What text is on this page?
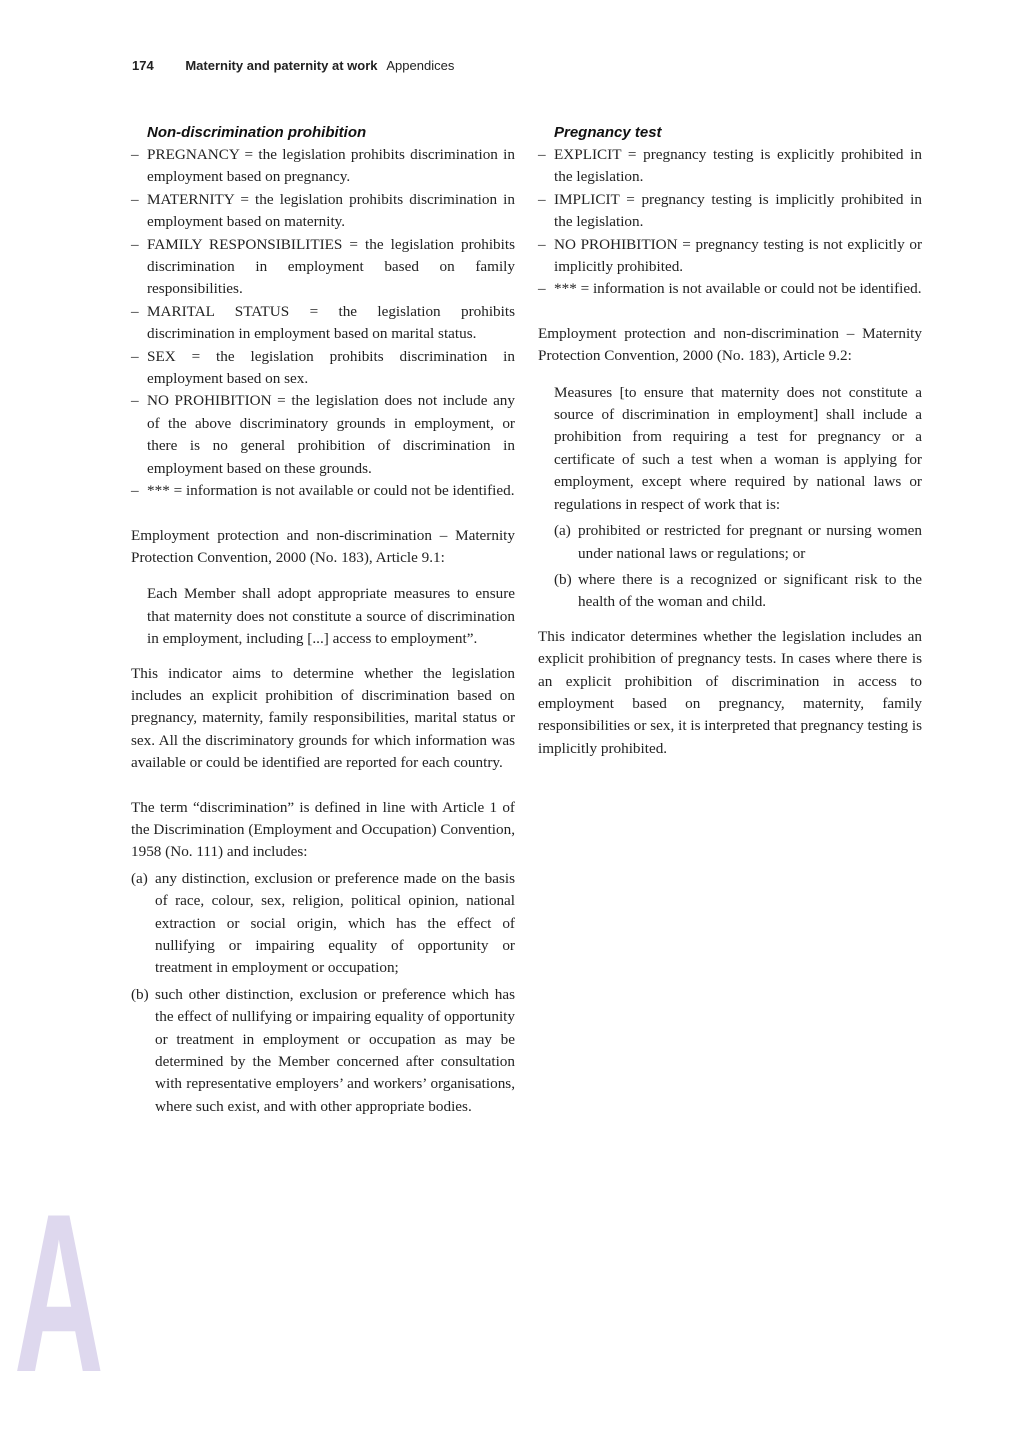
174 Maternity and paternity at work Appendices
Non-discrimination prohibition
– PREGNANCY = the legislation prohibits discrimination in employment based on pregnancy.
– MATERNITY = the legislation prohibits discrimination in employment based on maternity.
– FAMILY RESPONSIBILITIES = the legislation prohibits discrimination in employment based on family responsibilities.
– MARITAL STATUS = the legislation prohibits discrimination in employment based on marital status.
– SEX = the legislation prohibits discrimination in employment based on sex.
– NO PROHIBITION = the legislation does not include any of the above discriminatory grounds in employment, or there is no general prohibition of discrimination in employment based on these grounds.
– *** = information is not available or could not be identified.

Employment protection and non-discrimination – Maternity Protection Convention, 2000 (No. 183), Article 9.1:

Each Member shall adopt appropriate measures to ensure that maternity does not constitute a source of discrimination in employment, including [...] access to employment”.

This indicator aims to determine whether the legislation includes an explicit prohibition of discrimination based on pregnancy, maternity, family responsibilities, marital status or sex. All the discriminatory grounds for which information was available or could be identified are reported for each country.

The term “discrimination” is defined in line with Article 1 of the Discrimination (Employment and Occupation) Convention, 1958 (No. 111) and includes:

(a) any distinction, exclusion or preference made on the basis of race, colour, sex, religion, political opinion, national extraction or social origin, which has the effect of nullifying or impairing equality of opportunity or treatment in employment or occupation;
(b) such other distinction, exclusion or preference which has the effect of nullifying or impairing equality of opportunity or treatment in employment or occupation as may be determined by the Member concerned after consultation with representative employers’ and workers’ organisations, where such exist, and with other appropriate bodies.
Pregnancy test
– EXPLICIT = pregnancy testing is explicitly prohibited in the legislation.
– IMPLICIT = pregnancy testing is implicitly prohibited in the legislation.
– NO PROHIBITION = pregnancy testing is not explicitly or implicitly prohibited.
– *** = information is not available or could not be identified.

Employment protection and non-discrimination – Maternity Protection Convention, 2000 (No. 183), Article 9.2:

Measures [to ensure that maternity does not constitute a source of discrimination in employment] shall include a prohibition from requiring a test for pregnancy or a certificate of such a test when a woman is applying for employment, except where required by national laws or regulations in respect of work that is:

(a) prohibited or restricted for pregnant or nursing women under national laws or regulations; or
(b) where there is a recognized or significant risk to the health of the woman and child.

This indicator determines whether the legislation includes an explicit prohibition of pregnancy tests. In cases where there is an explicit prohibition of discrimination in access to employment based on pregnancy, maternity, family responsibilities or sex, it is interpreted that pregnancy testing is implicitly prohibited.

A
